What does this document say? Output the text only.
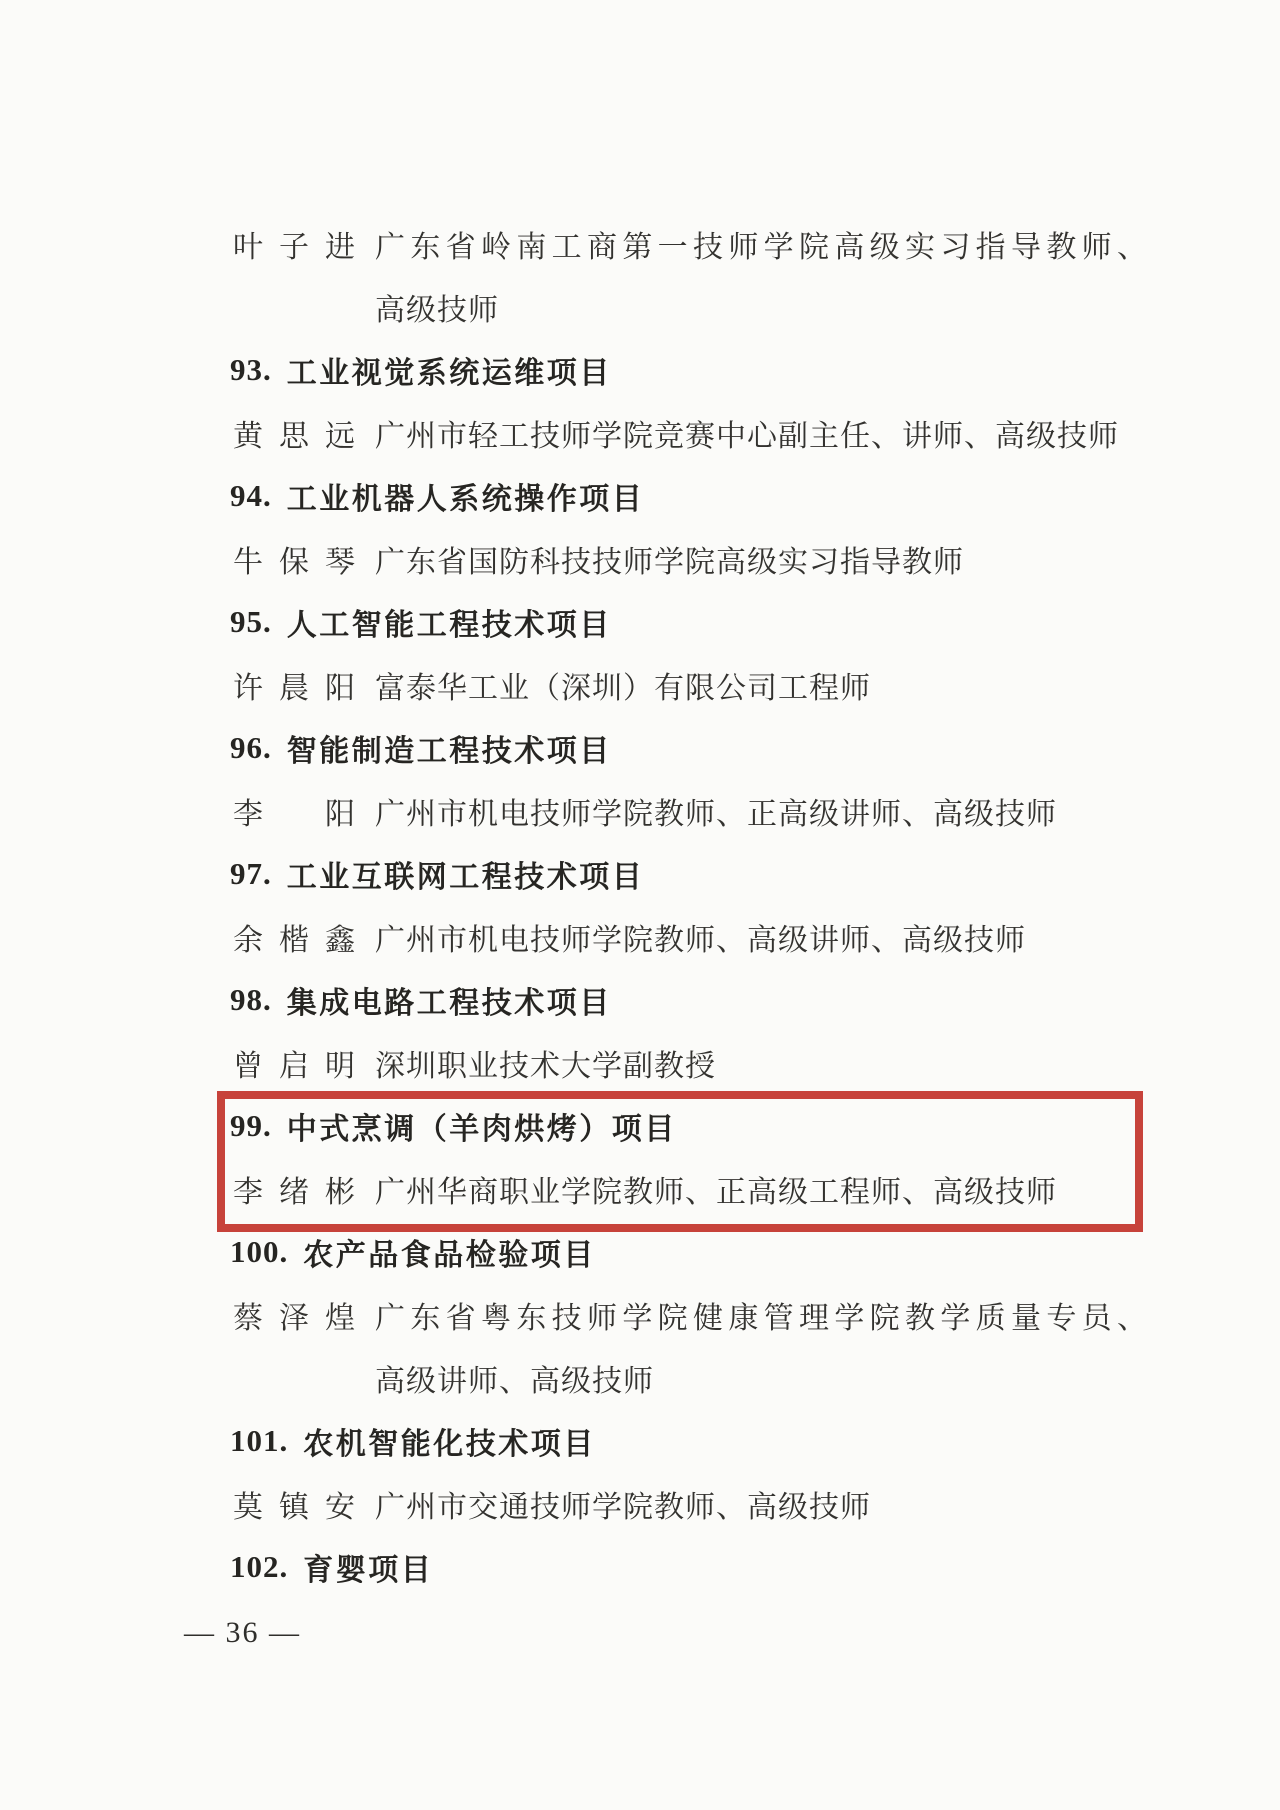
叶子进 广东省岭南工商第一技师学院高级实习指导教师、
高级技师
93. 工业视觉系统运维项目
黄思远 广州市轻工技师学院竞赛中心副主任、讲师、高级技师
94. 工业机器人系统操作项目
牛保琴 广东省国防科技技师学院高级实习指导教师
95. 人工智能工程技术项目
许晨阳 富泰华工业（深圳）有限公司工程师
96. 智能制造工程技术项目
李　阳 广州市机电技师学院教师、正高级讲师、高级技师
97. 工业互联网工程技术项目
余楷鑫 广州市机电技师学院教师、高级讲师、高级技师
98. 集成电路工程技术项目
曾启明 深圳职业技术大学副教授
99. 中式烹调（羊肉烘烤）项目
李绪彬 广州华商职业学院教师、正高级工程师、高级技师
100. 农产品食品检验项目
蔡泽煌 广东省粤东技师学院健康管理学院教学质量专员、
高级讲师、高级技师
101. 农机智能化技术项目
莫镇安 广州市交通技师学院教师、高级技师
102. 育婴项目
— 36 —
